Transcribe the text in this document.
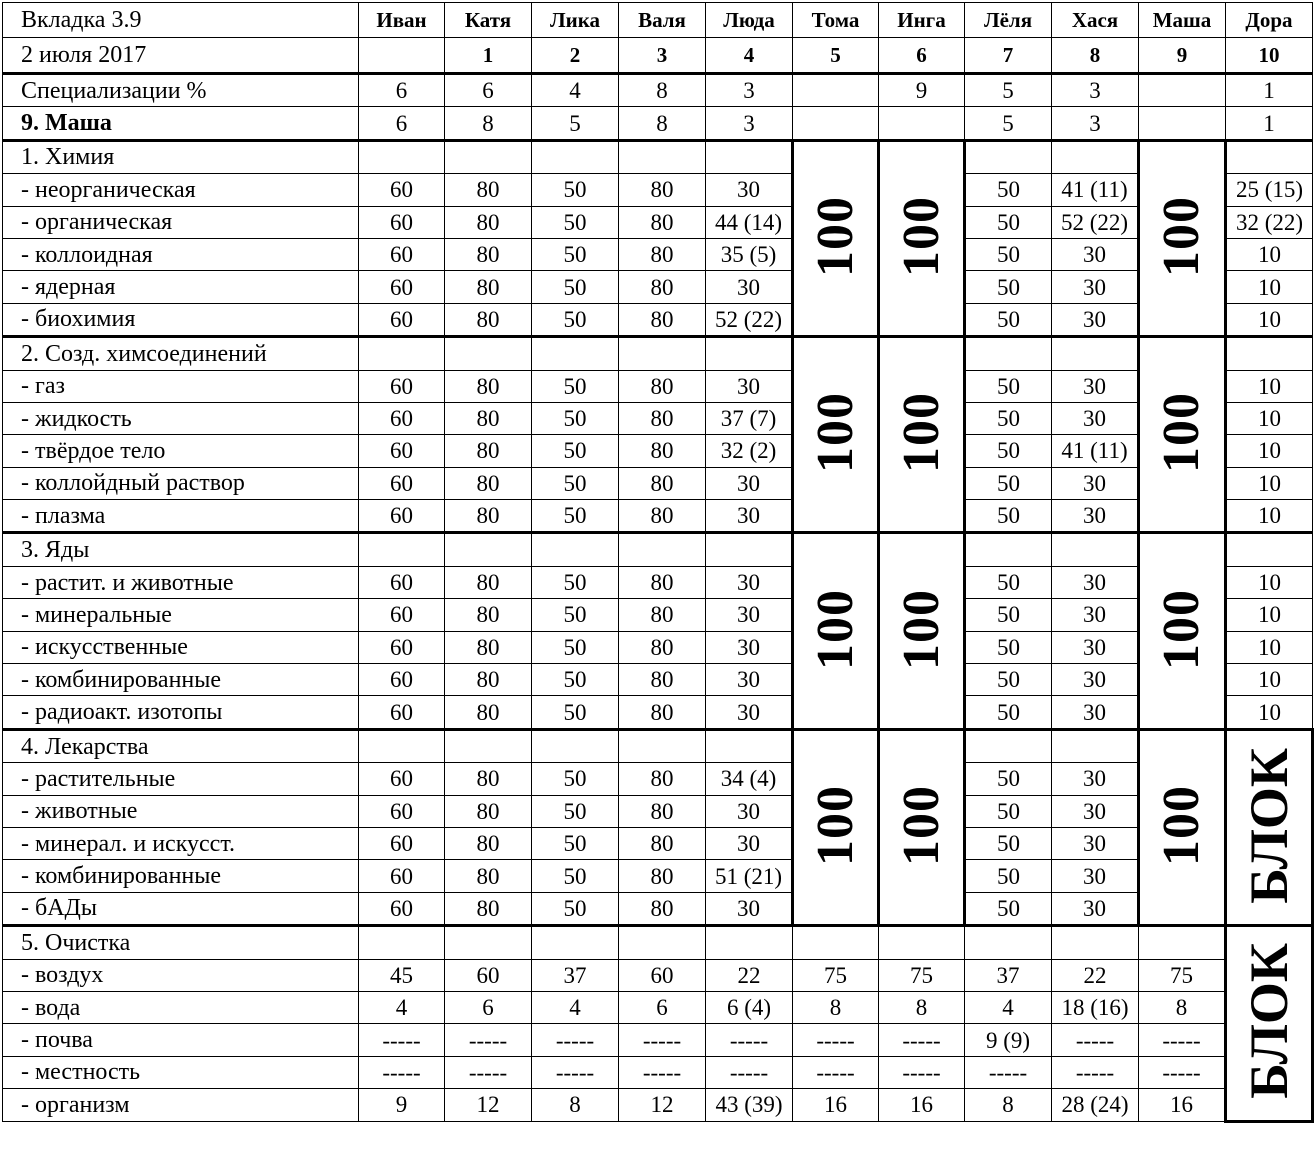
Вкладка 3.9	Иван	Катя	Лика	Валя	Люда	Тома	Инга	Лёля	Хася	Маша	Дора
2 июля 2017		1	2	3	4	5	6	7	8	9	10
Специализации %	6	6	4	8	3		9	5	3		1
9. Маша	6	8	5	8	3			5	3		1
1. Химия						100	100			100	
- неорганическая	60	80	50	80	30			50	41 (11)		25 (15)
- органическая	60	80	50	80	44 (14)			50	52 (22)		32 (22)
- коллоидная	60	80	50	80	35 (5)			50	30		10
- ядерная	60	80	50	80	30			50	30		10
- биохимия	60	80	50	80	52 (22)			50	30		10
2. Созд. химсоединений						100	100			100	
- газ	60	80	50	80	30			50	30		10
- жидкость	60	80	50	80	37 (7)			50	30		10
- твёрдое тело	60	80	50	80	32 (2)			50	41 (11)		10
- коллойдный раствор	60	80	50	80	30			50	30		10
- плазма	60	80	50	80	30			50	30		10
3. Яды						100	100			100	
- растит. и животные	60	80	50	80	30			50	30		10
- минеральные	60	80	50	80	30			50	30		10
- искусственные	60	80	50	80	30			50	30		10
- комбинированные	60	80	50	80	30			50	30		10
- радиоакт. изотопы	60	80	50	80	30			50	30		10
4. Лекарства						100	100			100	БЛОК
- растительные	60	80	50	80	34 (4)			50	30		
- животные	60	80	50	80	30			50	30		
- минерал. и искусст.	60	80	50	80	30			50	30		
- комбинированные	60	80	50	80	51 (21)			50	30		
- бАДы	60	80	50	80	30			50	30		
5. Очистка											БЛОК
- воздух	45	60	37	60	22	75	75	37	22	75	
- вода	4	6	4	6	6 (4)	8	8	4	18 (16)	8	
- почва	-----	-----	-----	-----	-----	-----	-----	9 (9)	-----	-----	
- местность	-----	-----	-----	-----	-----	-----	-----	-----	-----	-----	
- организм	9	12	8	12	43 (39)	16	16	8	28 (24)	16	
